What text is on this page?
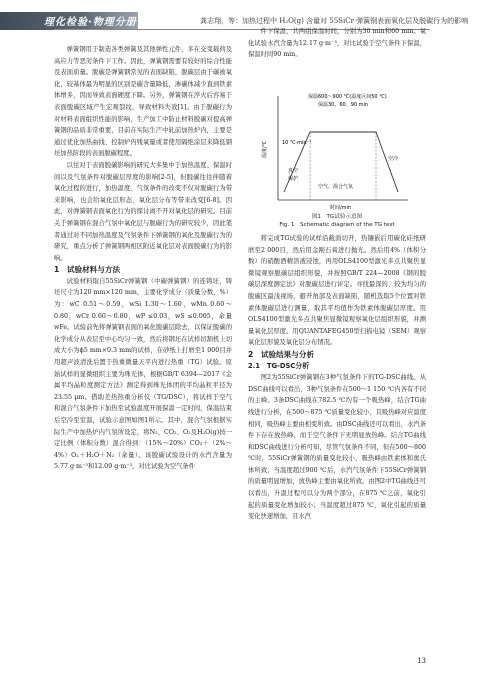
理化检验·物理分册	龚志翔，等：加热过程中 H₂O(g) 含量对 55SiCr 弹簧钢表面氧化层及脱碳行为的影响

弹簧钢用于制造各类弹簧及其他弹性元件，多在交变载荷及高应力等恶劣条件下工作。因此，弹簧钢需要有较好的综合性能及表面质量。脱碳是弹簧钢常见的表面缺陷，脱碳层由于碳被氧化，较基体最为明显的区别是碳含量降低，渗碳体减少直到铁素体增多，因而导致表面硬度下降。另外，弹簧钢在淬火后容易于表面脱碳区域产生宏观裂纹，导致材料失效[1]。由于脱碳行为对材料表面组织性能的影响，生产加工中防止材料脱碳对提高弹簧钢的品质非常重要，目前在实际生产中轧前加热炉内，主要是通过优化加热曲线、控制炉内残氧量或者使用隔绝涂层来降低钢坯加热阶段的表面脱碳程度。

以往对于表面脱碳影响的研究大多集中于加热温度、保温时间以及气氛条件对脱碳层厚度的影响[2-5]，但脱碳往往伴随着氧化过程的进行，加热温度、气氛条件的改变不仅对脱碳行为带来影响，也会给氧化层形态、氧化层分布等带来改变[6-8]。因此，对弹簧钢表面氧化行为的探讨离不开对氧化层的研究。目前关于弹簧钢在混合气氛中氧化层与脱碳行为的研究较少，因此笔者通过对不同加热温度及气氛条件下弹簧钢的氧化及脱碳行为的研究，重点分析了弹簧钢两相区附近氧化层对表面脱碳行为的影响。

1　试验材料与方法

试验材料取自55SiCr弹簧钢（中碳弹簧钢）的连铸坯，铸坯尺寸为120 mm×120 mm，主要化学成分（质量分数，%）为：wC 0.51～0.59，wSi 1.30～1.60，wMn 0.60～0.80，wCr 0.60～0.80，wP ≤0.03，wS ≤0.005，余量wFe。试验前先将弹簧钢表面的氧化脱碳层除去，以保证脱碳的化学成分从表层至中心均匀一致，然后将钢坯在试样切割机上切成大小为ϕ5 mm×0.3 mm的试样，在砂纸上打磨至1 000目并用超声波清洗后置于热重微量天平内进行热重（TG）试验。原始试样的显微组织主要为珠光体，根据GB/T 6394—2017《金属平均晶粒度测定方法》测定得到珠光体团的平均晶粒平径为23.55 μm。借助差热热重分析仪（TG/DSC），将试样于空气和混合气氛条件下加热至试验温度开展保温一定时间，保温结束后空冷至室温，试验示意图如图1所示。其中，混合气氛根据实际生产中加热炉内气氛所设定，将N₂、CO₂、O₂及H₂O(g)按一定比例（体积分数）混合得到：（15%～20%）CO₂＋（2%～4%）O₂＋H₂O＋N₂（余量）。该脱碳试验设计的水汽含量为5.77 g·m⁻³和12.09 g·m⁻³，对比试验为空气条件

件下保温，共两组保温时间，分别为30 min和60 min。氧化试验水汽含量为12.17 g·m⁻³，对比试验于空气条件下保温，保温时间90 min。

保温600～900 ℃(温度区间50 ℃)
保温30、60、90 min
10 ℃·min⁻¹
真空
保护
空气、混合气氛
空冷
温度/℃
时间/min
图1　TG试验示意图
Fig. 1　Schematic diagram of the TG test

将完成TG试验的试样沿截面切开，热镶嵌后用碳化硅纸研磨至2 000目，然后用金刚石膏进行抛光。然后用4%（体积分数）的硝酸酒精溶液浸蚀，再用OLS4100型激光多点共聚焦显微镜观察脱碳层组织形貌，并按照GB/T 224—2008《钢的脱碳层深度测定法》对脱碳层进行评定。寻找最深的、较为均匀的脱碳区最浅视场，避开角部及表面缺陷，随机选取5个位置对铁素体脱碳层进行测量，取其平均值作为铁素体脱碳层厚度。用OLS4100型激光多点共聚焦显微镜观察氧化层组织形貌，并测量氧化层厚度。用QUANTAFEG450型扫描电镜（SEM）观察氧化层形貌及氧化层分布情况。

2　试验结果与分析

2.1　TG-DSC分析

图2为55SiCr弹簧钢在3种气氛条件下的TG-DSC曲线。从DSC曲线可以看出，3种气氛条件在500～1 150 ℃内各有不同的主峰。3条DSC曲线在782.5 ℃均有一个吸热峰，结合TG曲线进行分析，在500～875 ℃质量变化较小，且吸热峰对应温度相同，吸热峰主要由相变所致。由DSC曲线还可以看出，水汽条件下存在放热峰，而于空气条件下无明显放热峰。结合TG曲线和DSC曲线进行分析可知，尽管气氛条件不同，但在500～800 ℃时，55SiCr弹簧钢的质量变化较小，吸热峰由铁素体和奥氏体所致；当温度超过900 ℃后，水汽气氛条件下55SiCr弹簧钢的质量明显增加，放热峰主要由氧化所致。由图2中TG曲线还可以看出，升温过程可以分为两个部分，在875 ℃之前，氧化引起的质量变化增加较小；当温度超过875 ℃，氧化引起的质量变化快速增加，且水汽

13
